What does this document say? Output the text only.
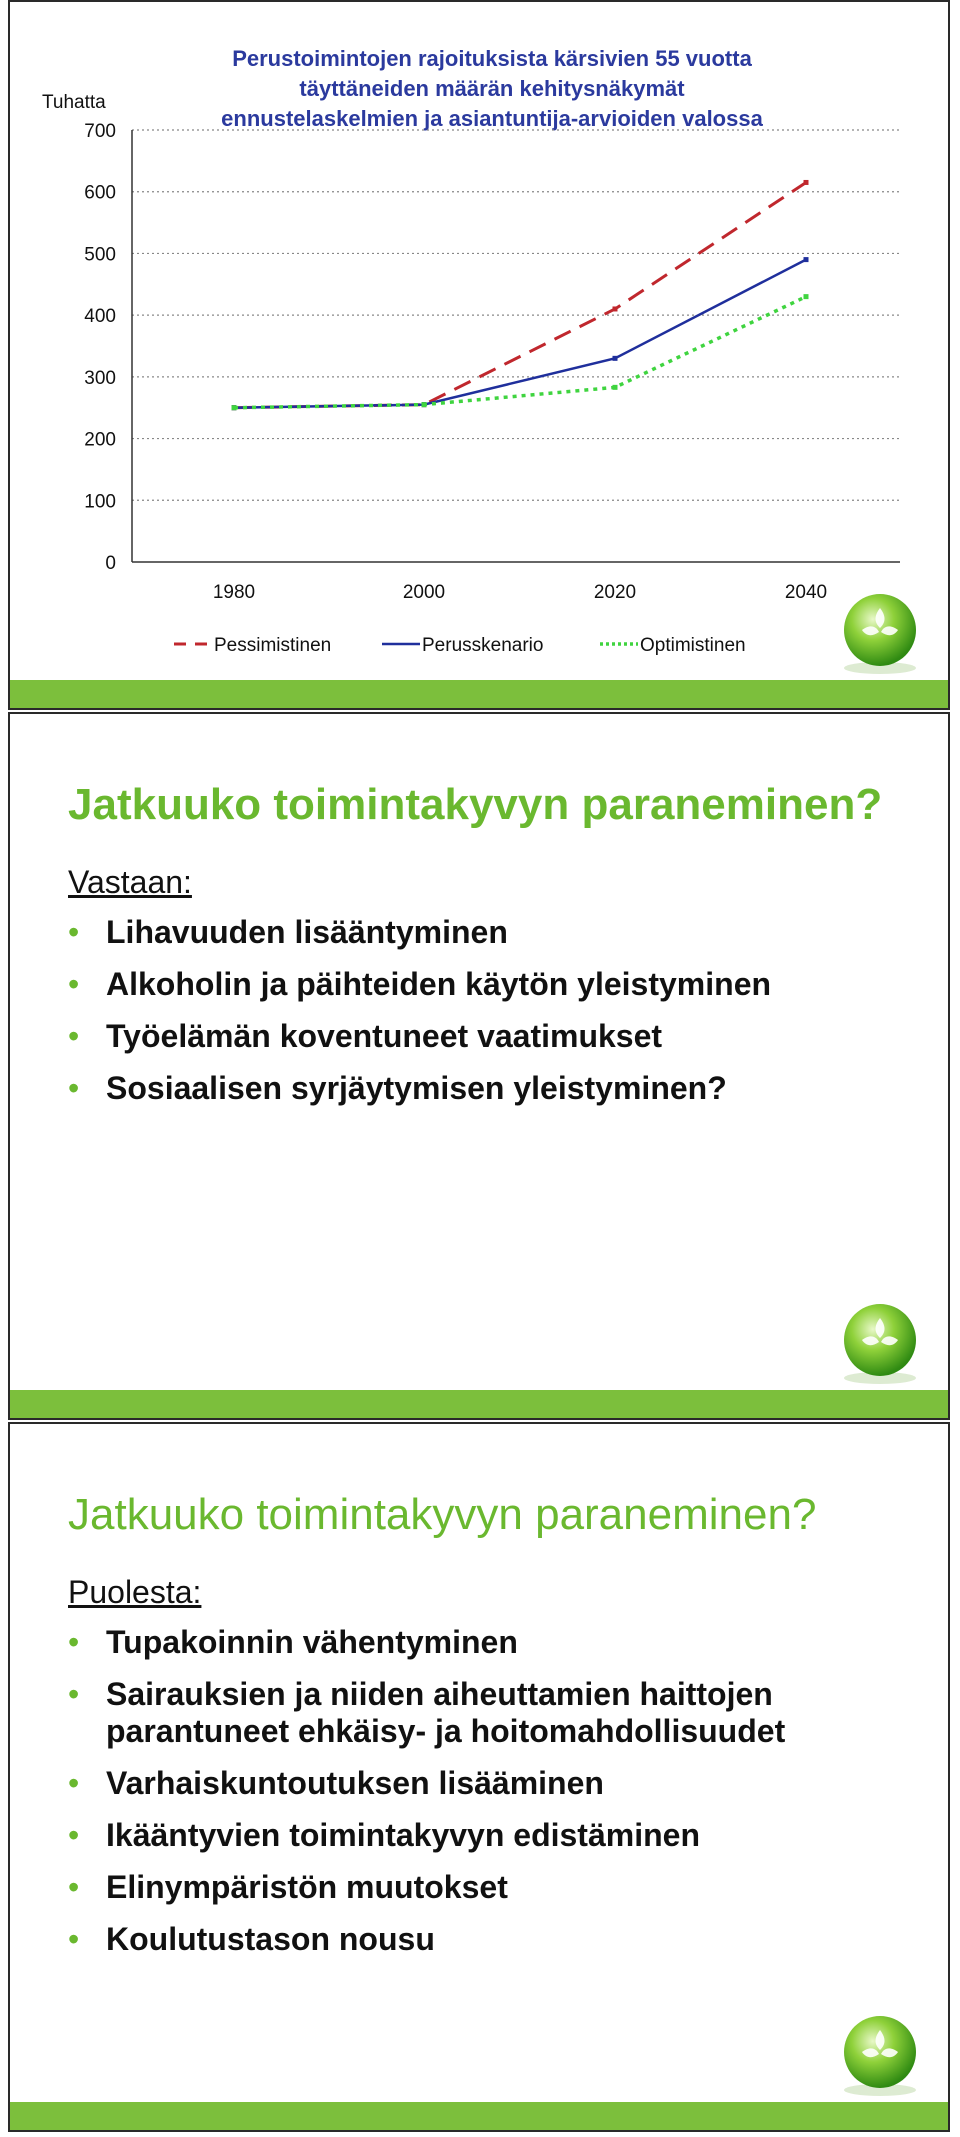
Perustoimintojen rajoituksista kärsivien 55 vuotta
täyttäneiden määrän kehitysnäkymät
ennustelaskelmien ja asiantuntija-arvioiden valossa
0
100
200
300
400
500
600
700
1980	2000	2020	2040
Tuhatta
Pessimistinen	Perusskenario	Optimistinen
Jatkuuko toimintakyvyn paraneminen?
Vastaan:
• Lihavuuden lisääntyminen
• Alkoholin ja päihteiden käytön yleistyminen
• Työelämän koventuneet vaatimukset
• Sosiaalisen syrjäytymisen yleistyminen?
Jatkuuko toimintakyvyn paraneminen?
Puolesta:
• Tupakoinnin vähentyminen
• Sairauksien ja niiden aiheuttamien haittojen parantuneet ehkäisy- ja hoitomahdollisuudet
• Varhaiskuntoutuksen lisääminen
• Ikääntyvien toimintakyvyn edistäminen
• Elinympäristön muutokset
• Koulutustason nousu
